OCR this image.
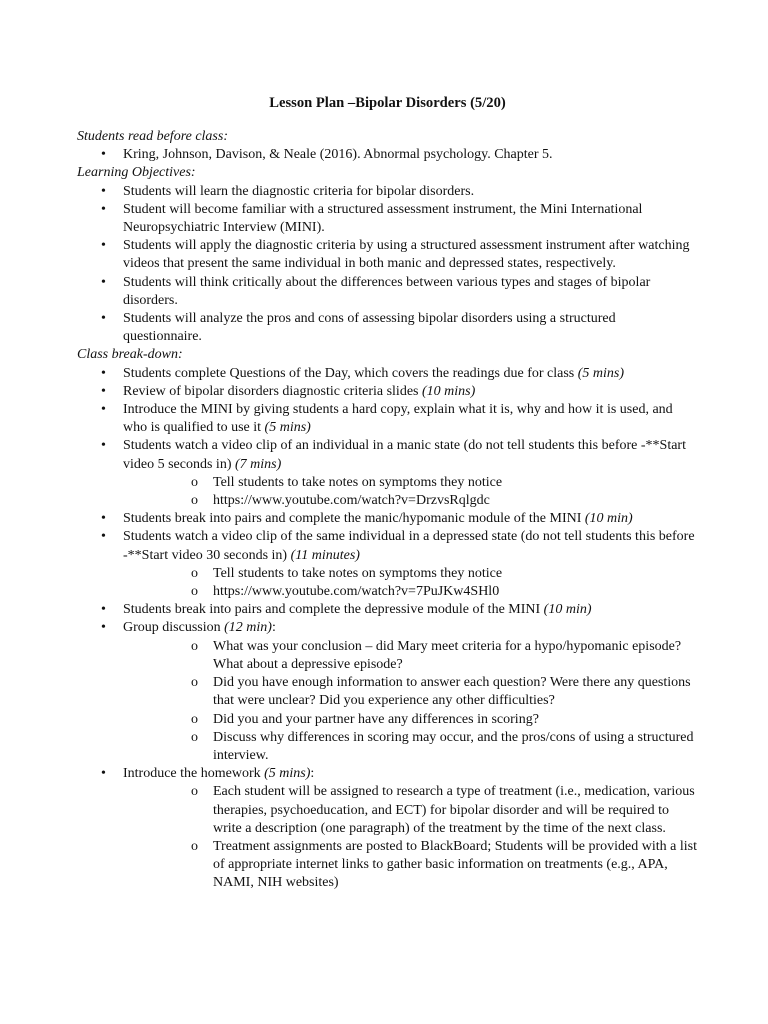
Lesson Plan –Bipolar Disorders (5/20)

Students read before class:

• Kring, Johnson, Davison, & Neale (2016). Abnormal psychology. Chapter 5.

Learning Objectives:

• Students will learn the diagnostic criteria for bipolar disorders.
• Student will become familiar with a structured assessment instrument, the Mini International Neuropsychiatric Interview (MINI).
• Students will apply the diagnostic criteria by using a structured assessment instrument after watching videos that present the same individual in both manic and depressed states, respectively.
• Students will think critically about the differences between various types and stages of bipolar disorders.
• Students will analyze the pros and cons of assessing bipolar disorders using a structured questionnaire.

Class break-down:

• Students complete Questions of the Day, which covers the readings due for class (5 mins)
• Review of bipolar disorders diagnostic criteria slides (10 mins)
• Introduce the MINI by giving students a hard copy, explain what it is, why and how it is used, and who is qualified to use it (5 mins)
• Students watch a video clip of an individual in a manic state (do not tell students this before -**Start video 5 seconds in) (7 mins)
o Tell students to take notes on symptoms they notice
o https://www.youtube.com/watch?v=DrzvsRqlgdc
• Students break into pairs and complete the manic/hypomanic module of the MINI (10 min)
• Students watch a video clip of the same individual in a depressed state (do not tell students this before -**Start video 30 seconds in) (11 minutes)
o Tell students to take notes on symptoms they notice
o https://www.youtube.com/watch?v=7PuJKw4SHl0
• Students break into pairs and complete the depressive module of the MINI (10 min)
• Group discussion (12 min):
o What was your conclusion – did Mary meet criteria for a hypo/hypomanic episode? What about a depressive episode?
o Did you have enough information to answer each question? Were there any questions that were unclear? Did you experience any other difficulties?
o Did you and your partner have any differences in scoring?
o Discuss why differences in scoring may occur, and the pros/cons of using a structured interview.
• Introduce the homework (5 mins):
o Each student will be assigned to research a type of treatment (i.e., medication, various therapies, psychoeducation, and ECT) for bipolar disorder and will be required to write a description (one paragraph) of the treatment by the time of the next class.
o Treatment assignments are posted to BlackBoard; Students will be provided with a list of appropriate internet links to gather basic information on treatments (e.g., APA, NAMI, NIH websites)
